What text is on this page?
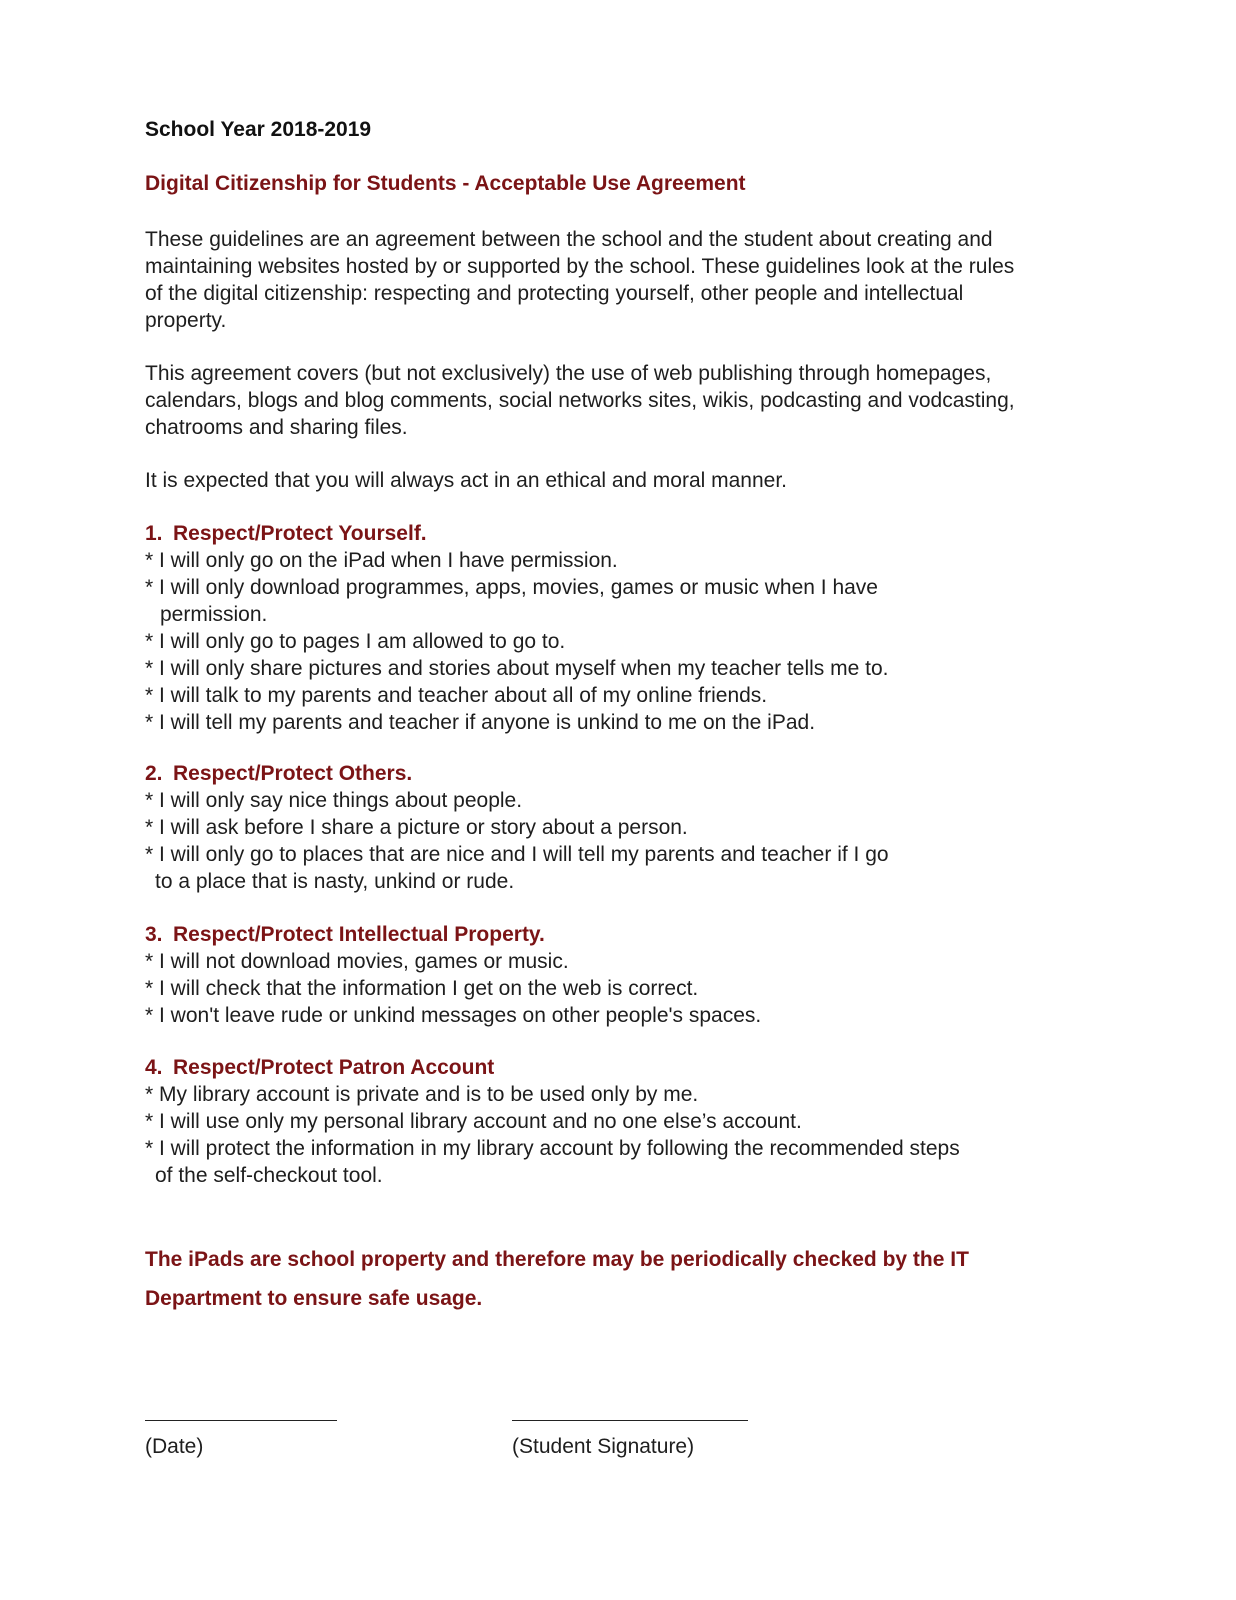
School Year 2018-2019
Digital Citizenship for Students - Acceptable Use Agreement
These guidelines are an agreement between the school and the student about creating and
maintaining websites hosted by or supported by the school. These guidelines look at the rules
of the digital citizenship: respecting and protecting yourself, other people and intellectual
property.
This agreement covers (but not exclusively) the use of web publishing through homepages,
calendars, blogs and blog comments, social networks sites, wikis, podcasting and vodcasting,
chatrooms and sharing files.
It is expected that you will always act in an ethical and moral manner.
1. Respect/Protect Yourself.
* I will only go on the iPad when I have permission.
* I will only download programmes, apps, movies, games or music when I have
permission.
* I will only go to pages I am allowed to go to.
* I will only share pictures and stories about myself when my teacher tells me to.
* I will talk to my parents and teacher about all of my online friends.
* I will tell my parents and teacher if anyone is unkind to me on the iPad.
2. Respect/Protect Others.
* I will only say nice things about people.
* I will ask before I share a picture or story about a person.
* I will only go to places that are nice and I will tell my parents and teacher if I go
to a place that is nasty, unkind or rude.
3. Respect/Protect Intellectual Property.
* I will not download movies, games or music.
* I will check that the information I get on the web is correct.
* I won't leave rude or unkind messages on other people's spaces.
4. Respect/Protect Patron Account
* My library account is private and is to be used only by me.
* I will use only my personal library account and no one else’s account.
* I will protect the information in my library account by following the recommended steps
of the self-checkout tool.
The iPads are school property and therefore may be periodically checked by the IT
Department to ensure safe usage.
(Date)	(Student Signature)
